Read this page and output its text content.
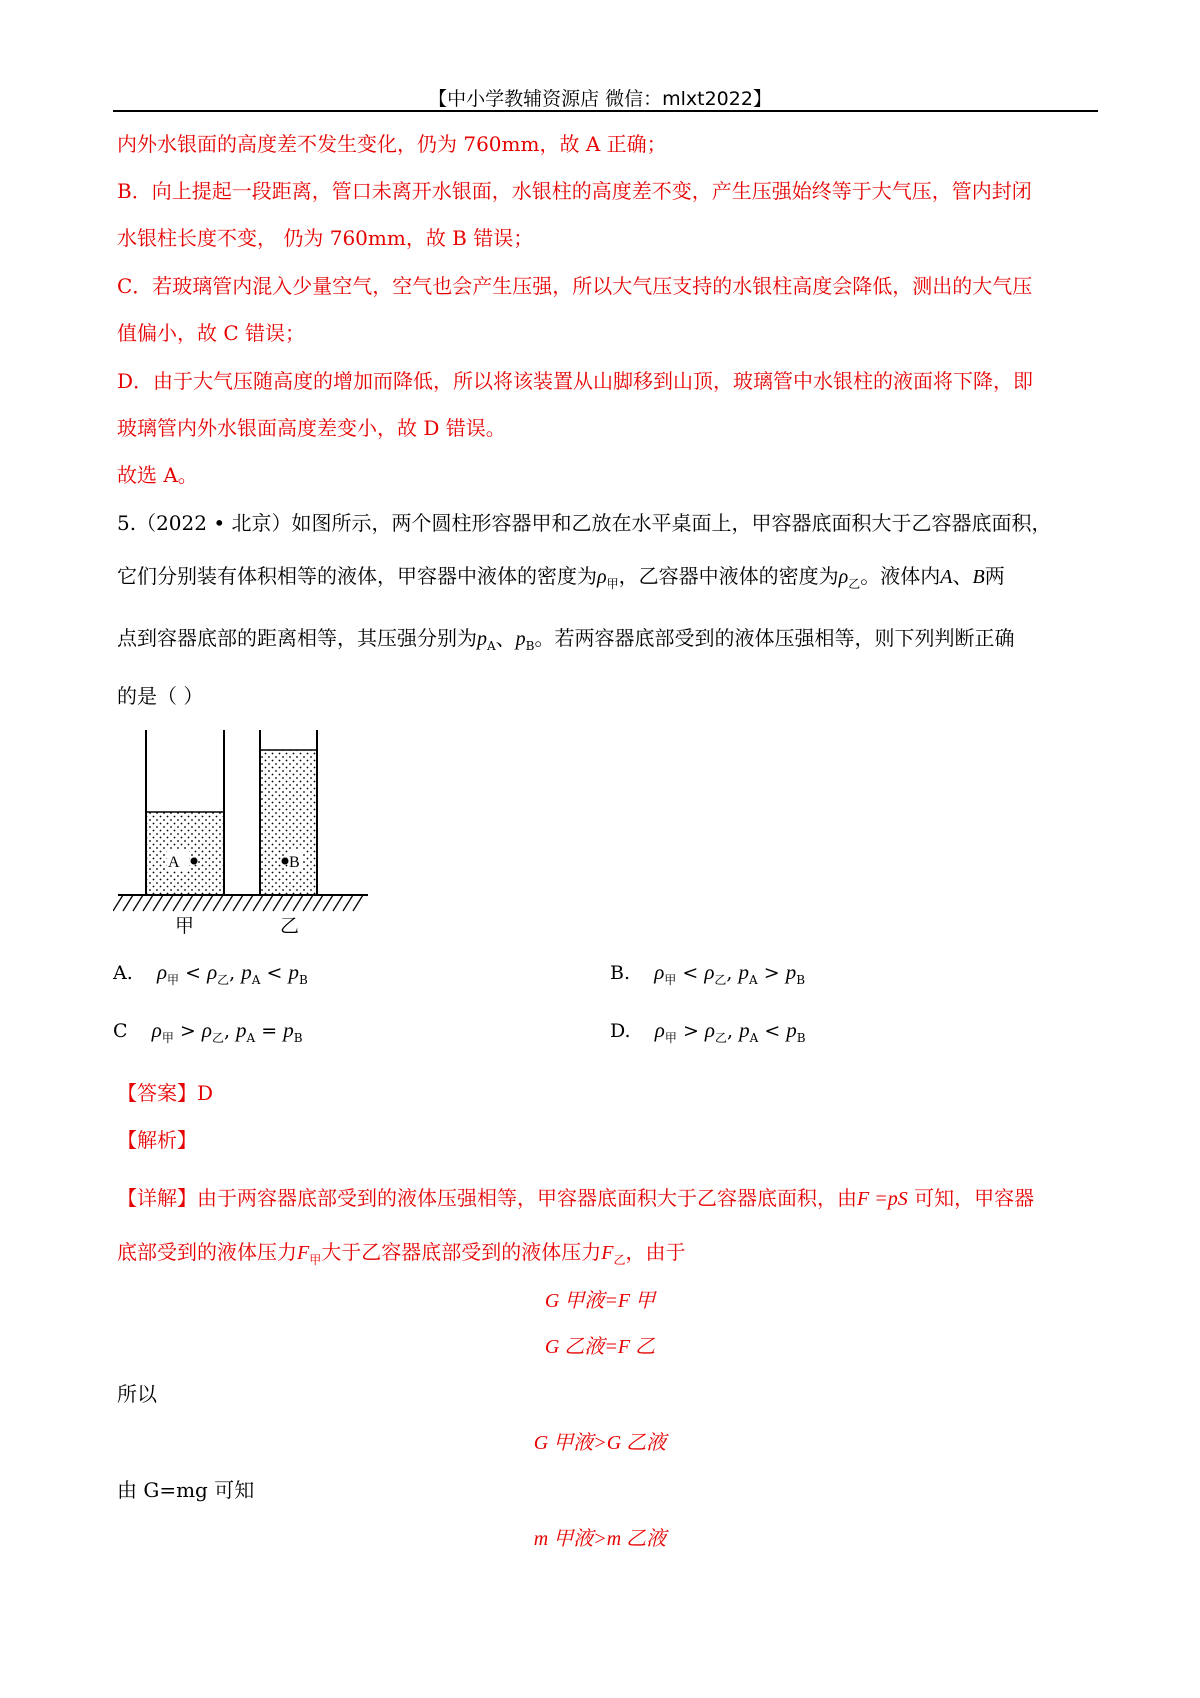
【中小学教辅资源店 微信：mlxt2022】
内外水银面的高度差不发生变化，仍为 760mm，故 A 正确；
B．向上提起一段距离，管口未离开水银面，水银柱的高度差不变，产生压强始终等于大气压，管内封闭
水银柱长度不变， 仍为 760mm，故 B 错误；
C．若玻璃管内混入少量空气，空气也会产生压强，所以大气压支持的水银柱高度会降低，测出的大气压
值偏小，故 C 错误；
D．由于大气压随高度的增加而降低，所以将该装置从山脚移到山顶，玻璃管中水银柱的液面将下降，即
玻璃管内外水银面高度差变小，故 D 错误。
故选 A。
5.（2022 • 北京）如图所示，两个圆柱形容器甲和乙放在水平桌面上，甲容器底面积大于乙容器底面积，
它们分别装有体积相等的液体，甲容器中液体的密度为$\rho_甲$，乙容器中液体的密度为$\rho_乙$。液体内A、B两
点到容器底部的距离相等，其压强分别为$p_A$、$p_B$。若两容器底部受到的液体压强相等，则下列判断正确
的是（ ）
A	B
甲	乙
A. $\rho_甲 < \rho_乙$, $p_A < p_B$	B. $\rho_甲 < \rho_乙$, $p_A > p_B$
C $\rho_甲 > \rho_乙$, $p_A = p_B$	D. $\rho_甲 > \rho_乙$, $p_A < p_B$
【答案】D
【解析】
【详解】由于两容器底部受到的液体压强相等，甲容器底面积大于乙容器底面积，由F =pS 可知，甲容器
底部受到的液体压力$F_甲$大于乙容器底部受到的液体压力$F_乙$，由于
G 甲液=F 甲
G 乙液=F 乙
所以
G 甲液>G 乙液
由 G=mg 可知
m 甲液>m 乙液
